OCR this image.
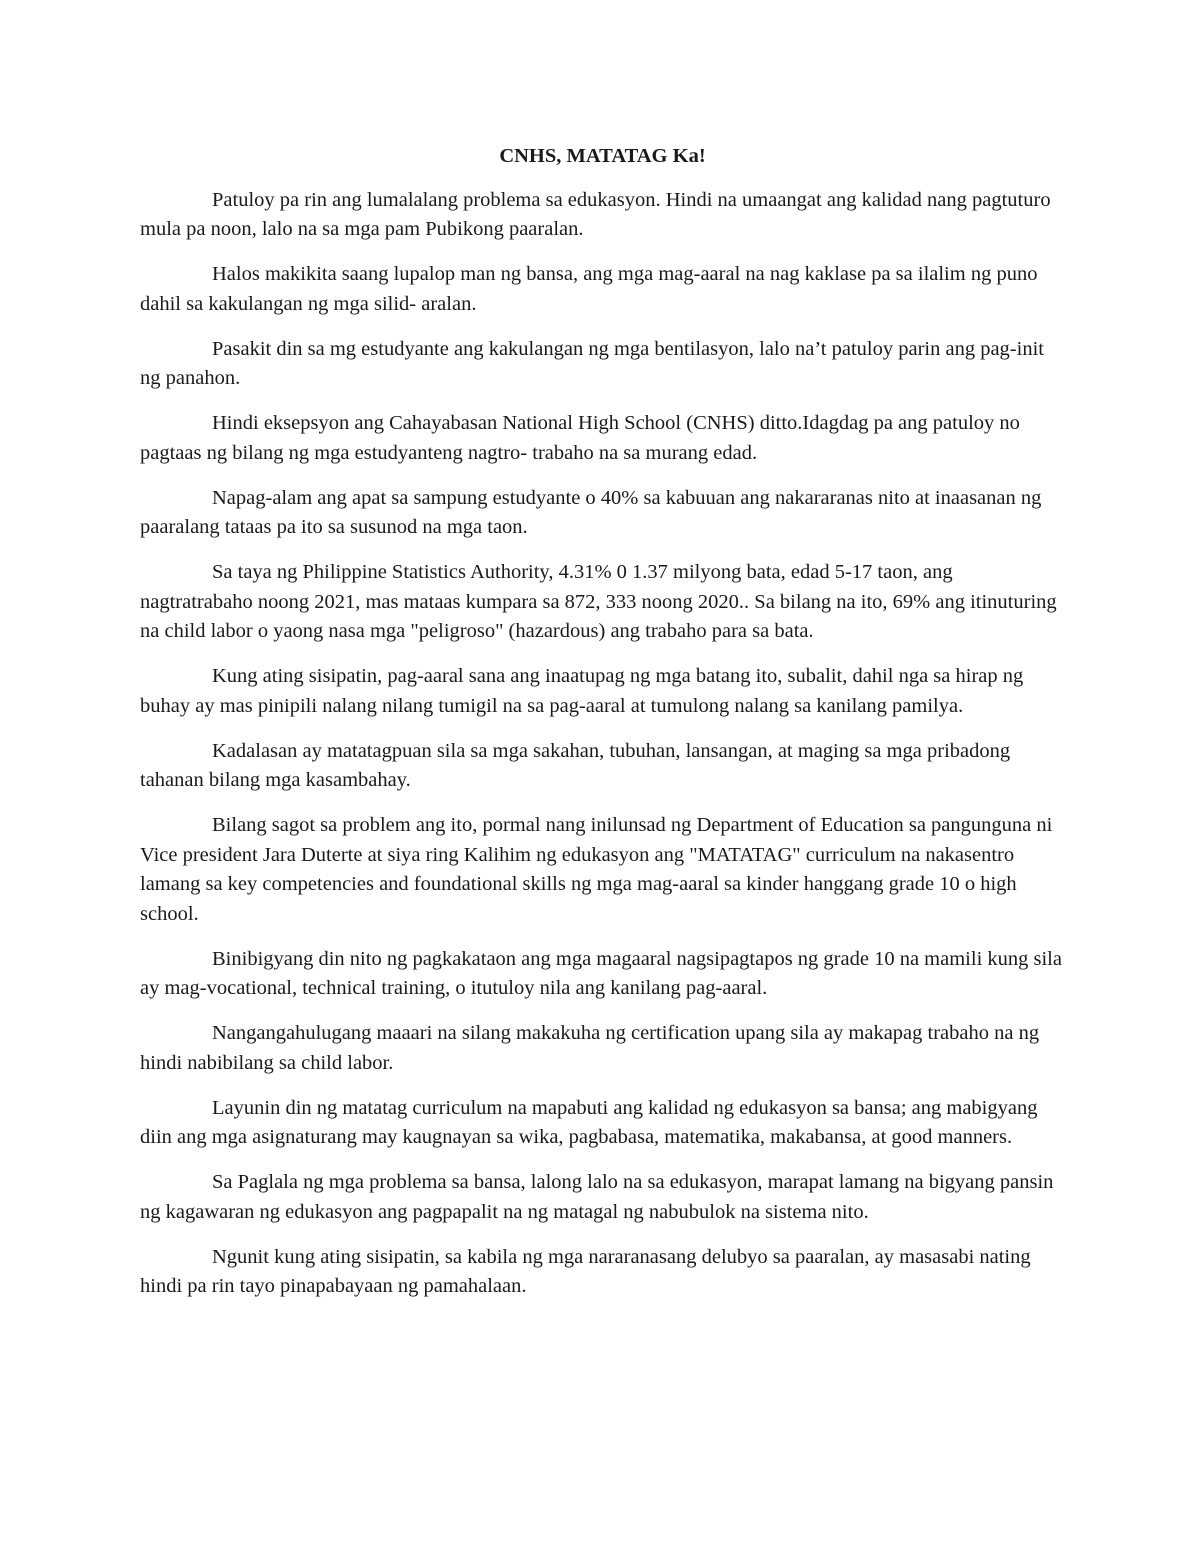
CNHS, MATATAG Ka!

Patuloy pa rin ang lumalalang problema sa edukasyon. Hindi na umaangat ang kalidad nang pagtuturo mula pa noon, lalo na sa mga pam Pubikong paaralan.

Halos makikita saang lupalop man ng bansa, ang mga mag-aaral na nag kaklase pa sa ilalim ng puno dahil sa kakulangan ng mga silid- aralan.

Pasakit din sa mg estudyante ang kakulangan ng mga bentilasyon, lalo na’t patuloy parin ang pag-init ng panahon.

Hindi eksepsyon ang Cahayabasan National High School (CNHS) ditto.Idagdag pa ang patuloy no pagtaas ng bilang ng mga estudyanteng nagtro- trabaho na sa murang edad.

Napag-alam ang apat sa sampung estudyante o 40% sa kabuuan ang nakararanas nito at inaasanan ng paaralang tataas pa ito sa susunod na mga taon.

Sa taya ng Philippine Statistics Authority, 4.31% 0 1.37 milyong bata, edad 5-17 taon, ang nagtratrabaho noong 2021, mas mataas kumpara sa 872, 333 noong 2020.. Sa bilang na ito, 69% ang itinuturing na child labor o yaong nasa mga "peligroso" (hazardous) ang trabaho para sa bata.

Kung ating sisipatin, pag-aaral sana ang inaatupag ng mga batang ito, subalit, dahil nga sa hirap ng buhay ay mas pinipili nalang nilang tumigil na sa pag-aaral at tumulong nalang sa kanilang pamilya.

Kadalasan ay matatagpuan sila sa mga sakahan, tubuhan, lansangan, at maging sa mga pribadong tahanan bilang mga kasambahay.

Bilang sagot sa problem ang ito, pormal nang inilunsad ng Department of Education sa pangunguna ni Vice president Jara Duterte at siya ring Kalihim ng edukasyon ang "MATATAG" curriculum na nakasentro lamang sa key competencies and foundational skills ng mga mag-aaral sa kinder hanggang grade 10 o high school.

Binibigyang din nito ng pagkakataon ang mga magaaral nagsipagtapos ng grade 10 na mamili kung sila ay mag-vocational, technical training, o itutuloy nila ang kanilang pag-aaral.

Nangangahulugang maaari na silang makakuha ng certification upang sila ay makapag trabaho na ng hindi nabibilang sa child labor.

Layunin din ng matatag curriculum na mapabuti ang kalidad ng edukasyon sa bansa; ang mabigyang diin ang mga asignaturang may kaugnayan sa wika, pagbabasa, matematika, makabansa, at good manners.

Sa Paglala ng mga problema sa bansa, lalong lalo na sa edukasyon, marapat lamang na bigyang pansin ng kagawaran ng edukasyon ang pagpapalit na ng matagal ng nabubulok na sistema nito.

Ngunit kung ating sisipatin, sa kabila ng mga nararanasang delubyo sa paaralan, ay masasabi nating hindi pa rin tayo pinapabayaan ng pamahalaan.
